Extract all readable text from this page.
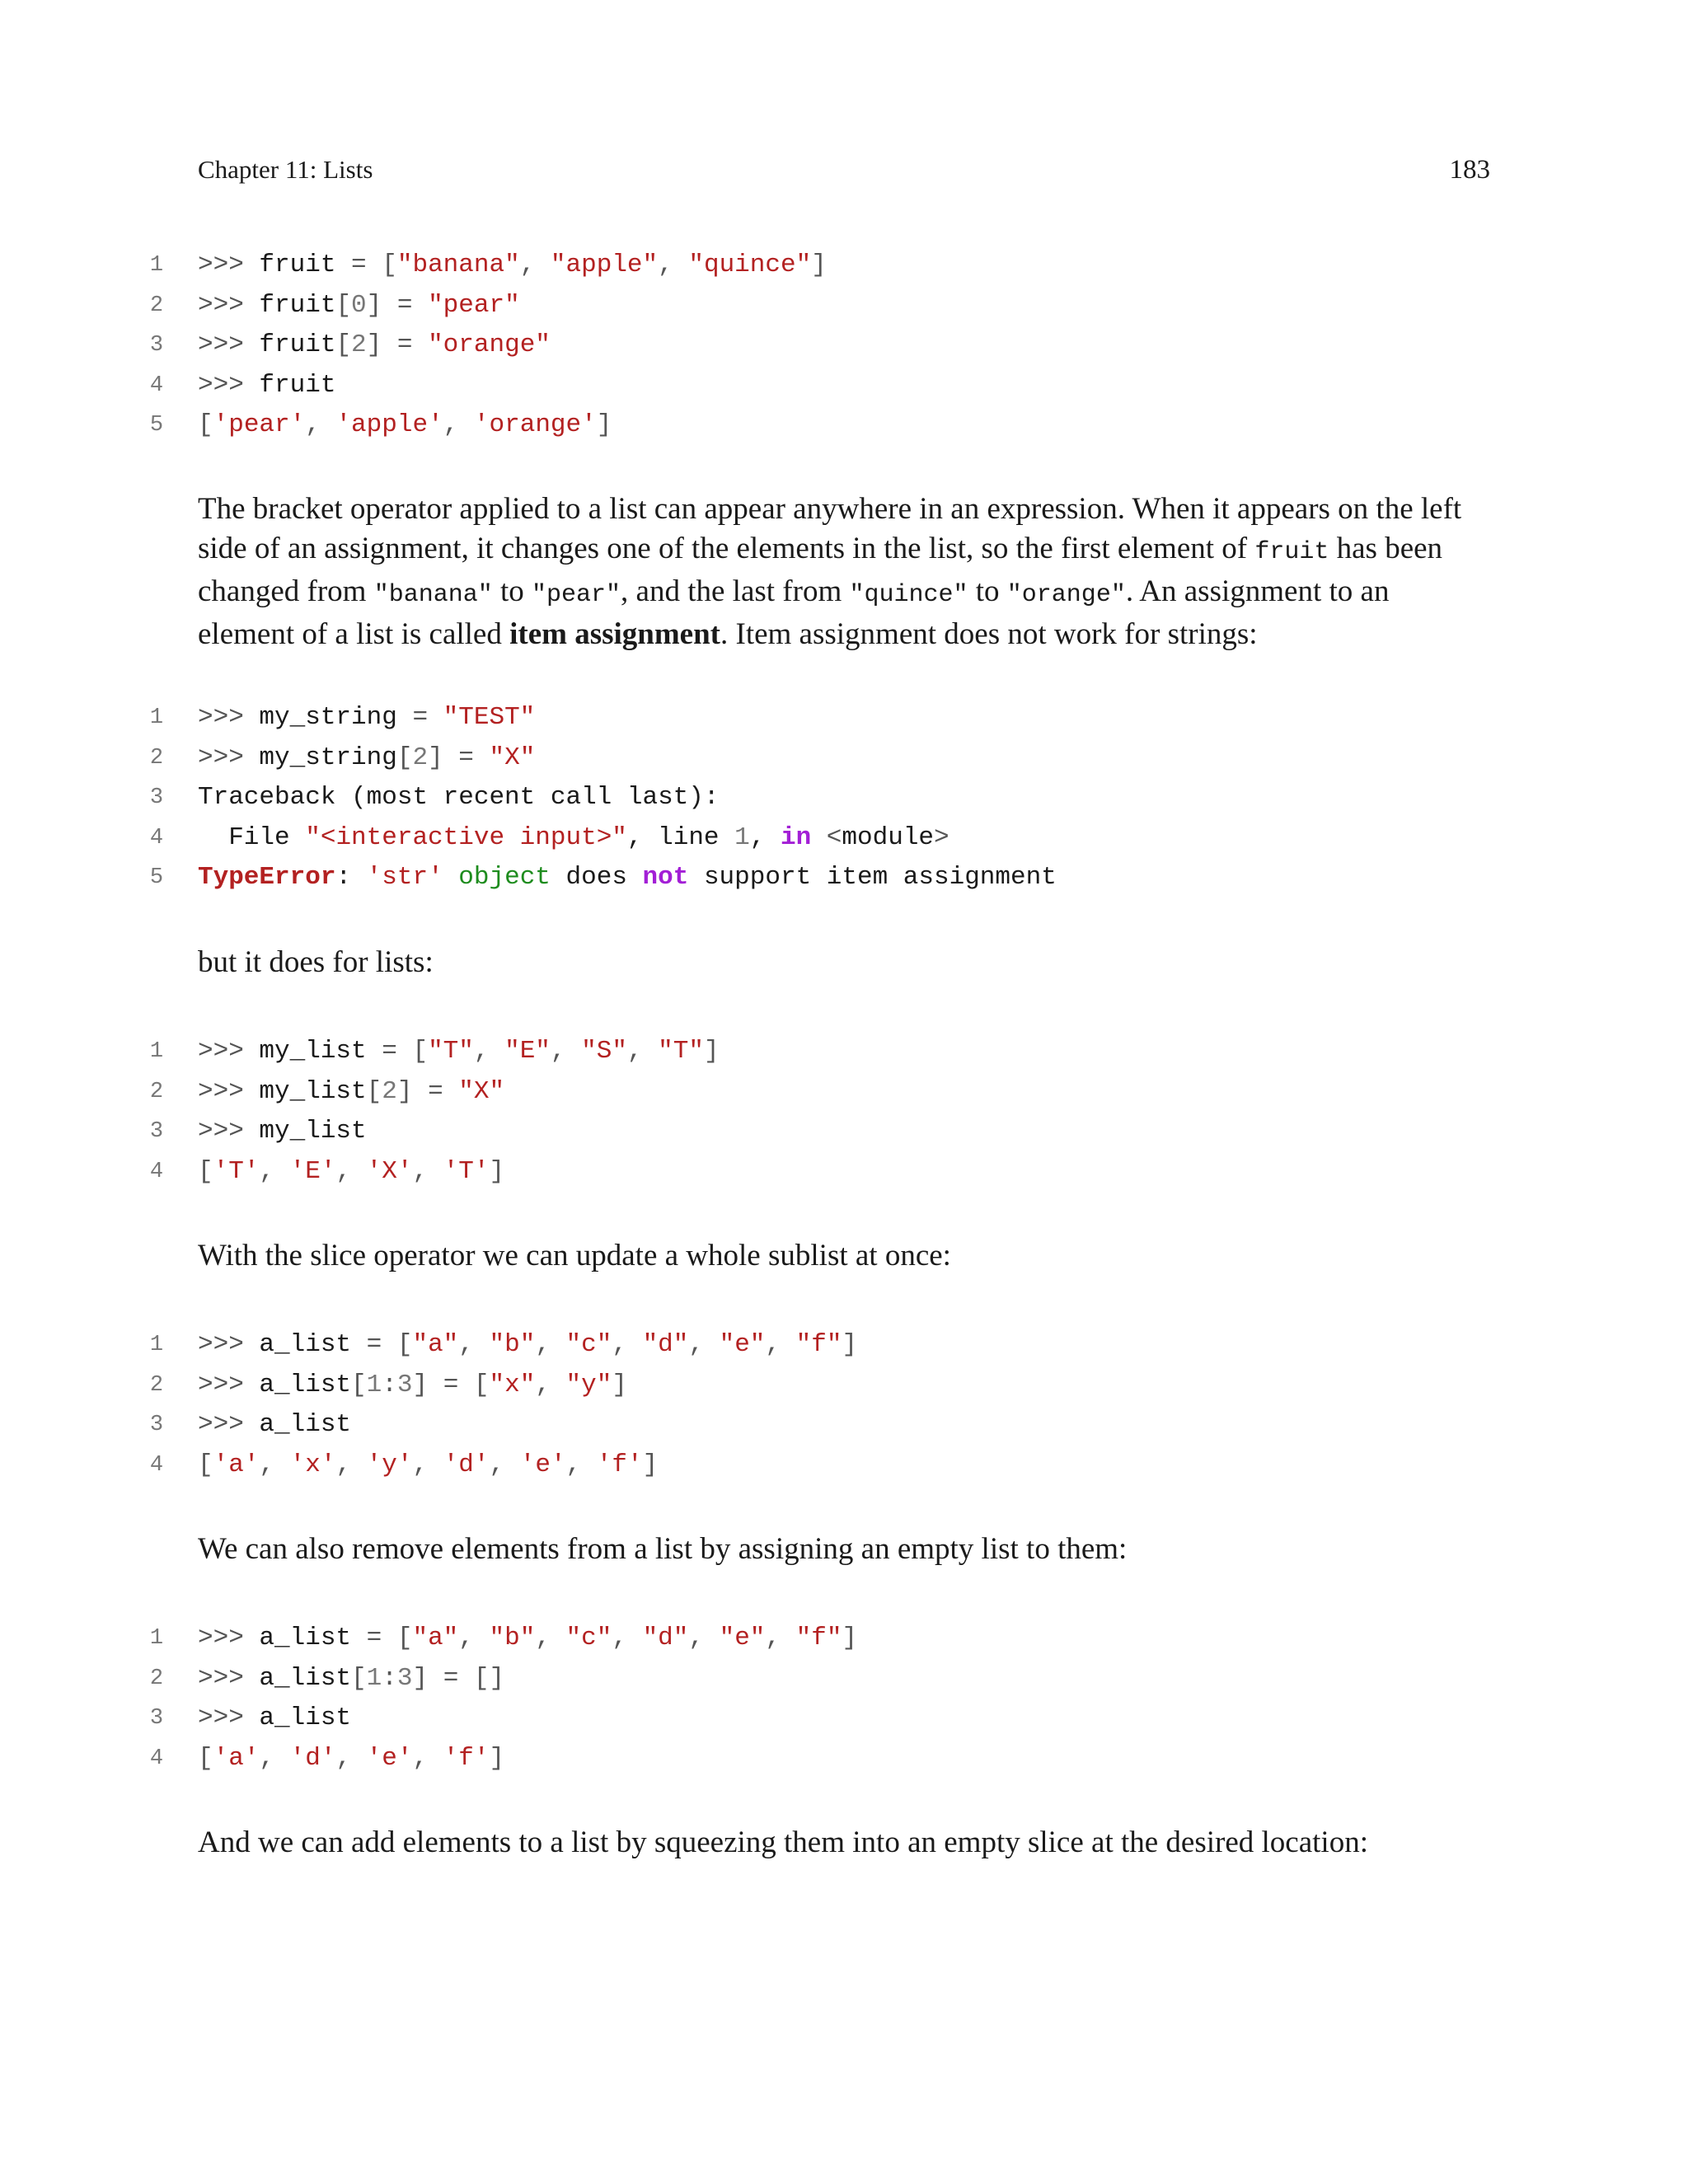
Chapter 11: Lists	183
1	>>> fruit = ["banana", "apple", "quince"]
2	>>> fruit[0] = "pear"
3	>>> fruit[2] = "orange"
4	>>> fruit
5	['pear', 'apple', 'orange']
The bracket operator applied to a list can appear anywhere in an expression. When it appears on the left side of an assignment, it changes one of the elements in the list, so the first element of fruit has been changed from "banana" to "pear", and the last from "quince" to "orange". An assignment to an element of a list is called item assignment. Item assignment does not work for strings:
1	>>> my_string = "TEST"
2	>>> my_string[2] = "X"
3	Traceback (most recent call last):
4	File "<interactive input>", line 1, in <module>
5	TypeError: 'str' object does not support item assignment

but it does for lists:

1	>>> my_list = ["T", "E", "S", "T"]
2	>>> my_list[2] = "X"
3	>>> my_list
4	['T', 'E', 'X', 'T']

With the slice operator we can update a whole sublist at once:

1	>>> a_list = ["a", "b", "c", "d", "e", "f"]
2	>>> a_list[1:3] = ["x", "y"]
3	>>> a_list
4	['a', 'x', 'y', 'd', 'e', 'f']

We can also remove elements from a list by assigning an empty list to them:

1	>>> a_list = ["a", "b", "c", "d", "e", "f"]
2	>>> a_list[1:3] = []
3	>>> a_list
4	['a', 'd', 'e', 'f']

And we can add elements to a list by squeezing them into an empty slice at the desired location:
